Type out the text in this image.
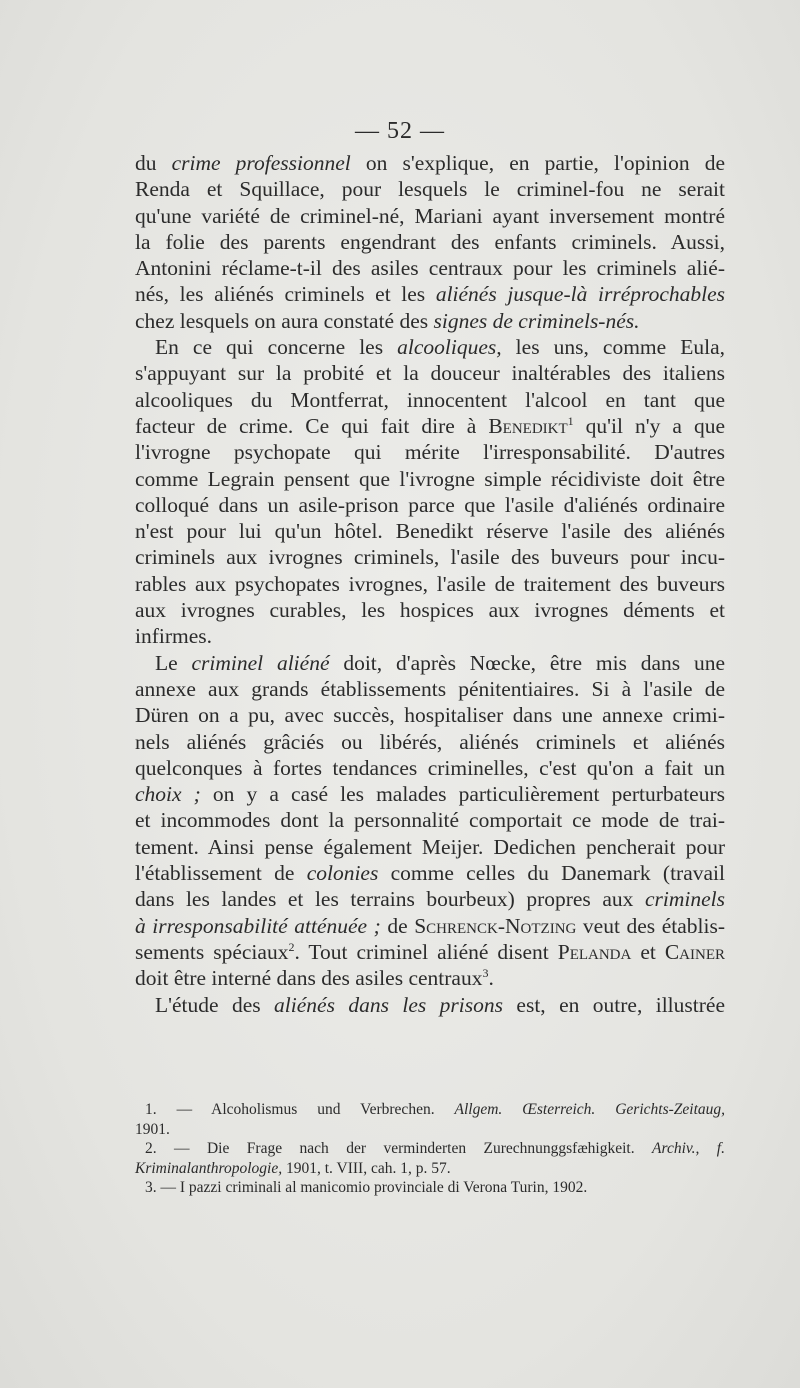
— 52 —
du crime professionnel on s'explique, en partie, l'opinion de
Renda et Squillace, pour lesquels le criminel-fou ne serait
qu'une variété de criminel-né, Mariani ayant inversement montré
la folie des parents engendrant des enfants criminels. Aussi,
Antonini réclame-t-il des asiles centraux pour les criminels alié-
nés, les aliénés criminels et les aliénés jusque-là irréprochables
chez lesquels on aura constaté des signes de criminels-nés.
En ce qui concerne les alcooliques, les uns, comme Eula,
s'appuyant sur la probité et la douceur inaltérables des italiens
alcooliques du Montferrat, innocentent l'alcool en tant que
facteur de crime. Ce qui fait dire à Benedikt$^1$ qu'il n'y a que
l'ivrogne psychopate qui mérite l'irresponsabilité. D'autres
comme Legrain pensent que l'ivrogne simple récidiviste doit être
colloqué dans un asile-prison parce que l'asile d'aliénés ordinaire
n'est pour lui qu'un hôtel. Benedikt réserve l'asile des aliénés
criminels aux ivrognes criminels, l'asile des buveurs pour incu-
rables aux psychopates ivrognes, l'asile de traitement des buveurs
aux ivrognes curables, les hospices aux ivrognes déments et
infirmes.
Le criminel aliéné doit, d'après Nœcke, être mis dans une
annexe aux grands établissements pénitentiaires. Si à l'asile de
Düren on a pu, avec succès, hospitaliser dans une annexe crimi-
nels aliénés grâciés ou libérés, aliénés criminels et aliénés
quelconques à fortes tendances criminelles, c'est qu'on a fait un
choix ; on y a casé les malades particulièrement perturbateurs
et incommodes dont la personnalité comportait ce mode de trai-
tement. Ainsi pense également Meijer. Dedichen pencherait pour
l'établissement de colonies comme celles du Danemark (travail
dans les landes et les terrains bourbeux) propres aux criminels
à irresponsabilité atténuée ; de Schrenck-Notzing veut des établis-
sements spéciaux$^2$. Tout criminel aliéné disent Pelanda et Cainer
doit être interné dans des asiles centraux$^3$.
L'étude des aliénés dans les prisons est, en outre, illustrée
1. — Alcoholismus und Verbrechen. Allgem. Œsterreich. Gerichts-Zeitaug,
1901.
2. — Die Frage nach der verminderten Zurechnunggsfæhigkeit. Archiv., f.
Kriminalanthropologie, 1901, t. VIII, cah. 1, p. 57.
3. — I pazzi criminali al manicomio provinciale di Verona Turin, 1902.
